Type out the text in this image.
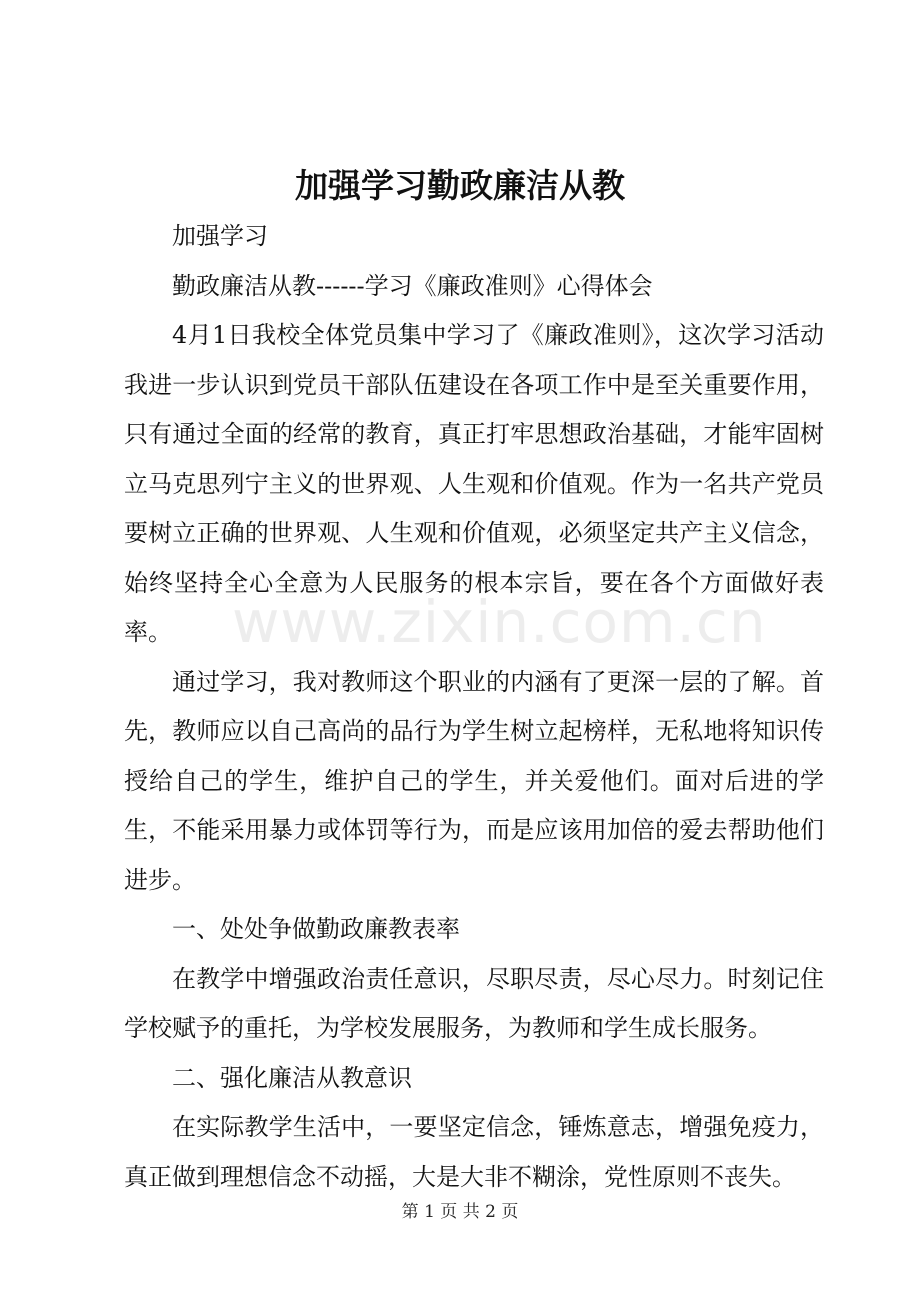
www.zixin.com.cn
加强学习勤政廉洁从教

加强学习

勤政廉洁从教------学习《廉政准则》心得体会

4月1日我校全体党员集中学习了《廉政准则》，这次学习活动我进一步认识到党员干部队伍建设在各项工作中是至关重要作用，只有通过全面的经常的教育，真正打牢思想政治基础，才能牢固树立马克思列宁主义的世界观、人生观和价值观。作为一名共产党员要树立正确的世界观、人生观和价值观，必须坚定共产主义信念，始终坚持全心全意为人民服务的根本宗旨，要在各个方面做好表率。

通过学习，我对教师这个职业的内涵有了更深一层的了解。首先，教师应以自己高尚的品行为学生树立起榜样，无私地将知识传授给自己的学生，维护自己的学生，并关爱他们。面对后进的学生，不能采用暴力或体罚等行为，而是应该用加倍的爱去帮助他们进步。

一、处处争做勤政廉教表率

在教学中增强政治责任意识，尽职尽责，尽心尽力。时刻记住学校赋予的重托，为学校发展服务，为教师和学生成长服务。

二、强化廉洁从教意识

在实际教学生活中，一要坚定信念，锤炼意志，增强免疫力，真正做到理想信念不动摇，大是大非不糊涂，党性原则不丧失。

第 1 页 共 2 页
